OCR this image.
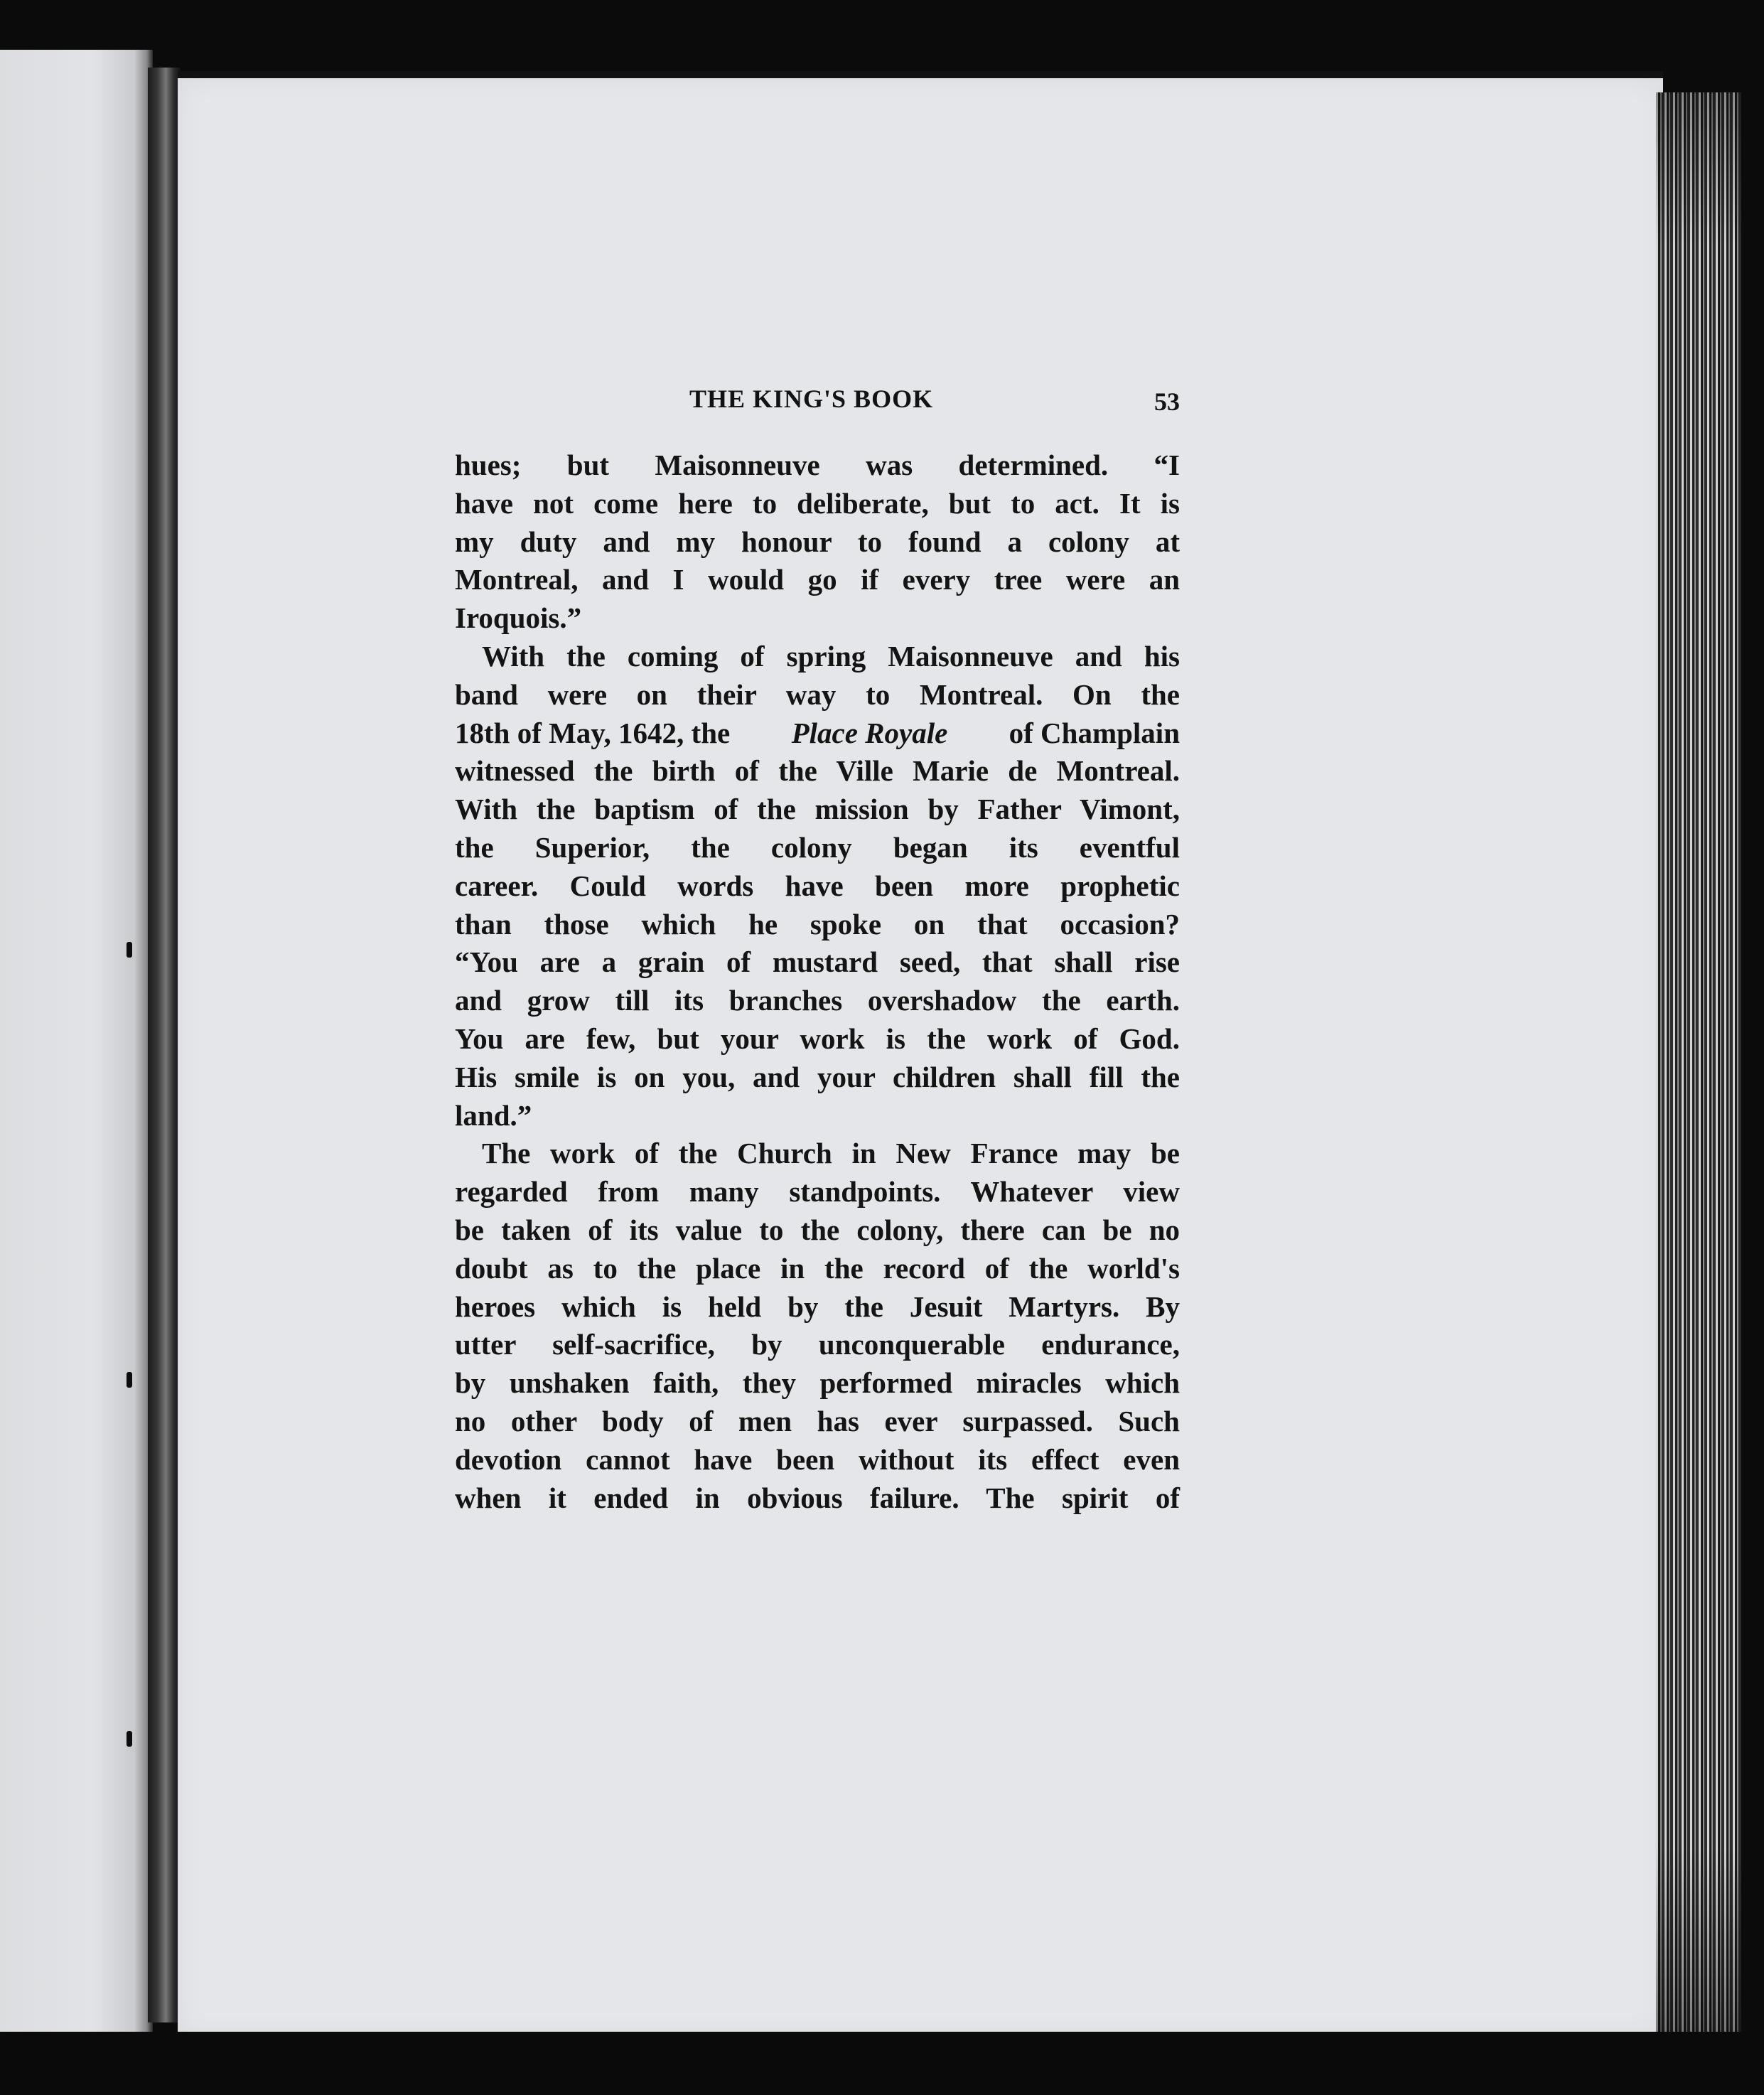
THE KING'S BOOK	53
hues; but Maisonneuve was determined. “I
have not come here to deliberate, but to act. It is
my duty and my honour to found a colony at
Montreal, and I would go if every tree were an
Iroquois.”
With the coming of spring Maisonneuve and his
band were on their way to Montreal. On the
18th of May, 1642, the Place Royale of Champlain
witnessed the birth of the Ville Marie de Montreal.
With the baptism of the mission by Father Vimont,
the Superior, the colony began its eventful
career. Could words have been more prophetic
than those which he spoke on that occasion?
“You are a grain of mustard seed, that shall rise
and grow till its branches overshadow the earth.
You are few, but your work is the work of God.
His smile is on you, and your children shall fill the
land.”
The work of the Church in New France may be
regarded from many standpoints. Whatever view
be taken of its value to the colony, there can be no
doubt as to the place in the record of the world's
heroes which is held by the Jesuit Martyrs. By
utter self-sacrifice, by unconquerable endurance,
by unshaken faith, they performed miracles which
no other body of men has ever surpassed. Such
devotion cannot have been without its effect even
when it ended in obvious failure. The spirit of
